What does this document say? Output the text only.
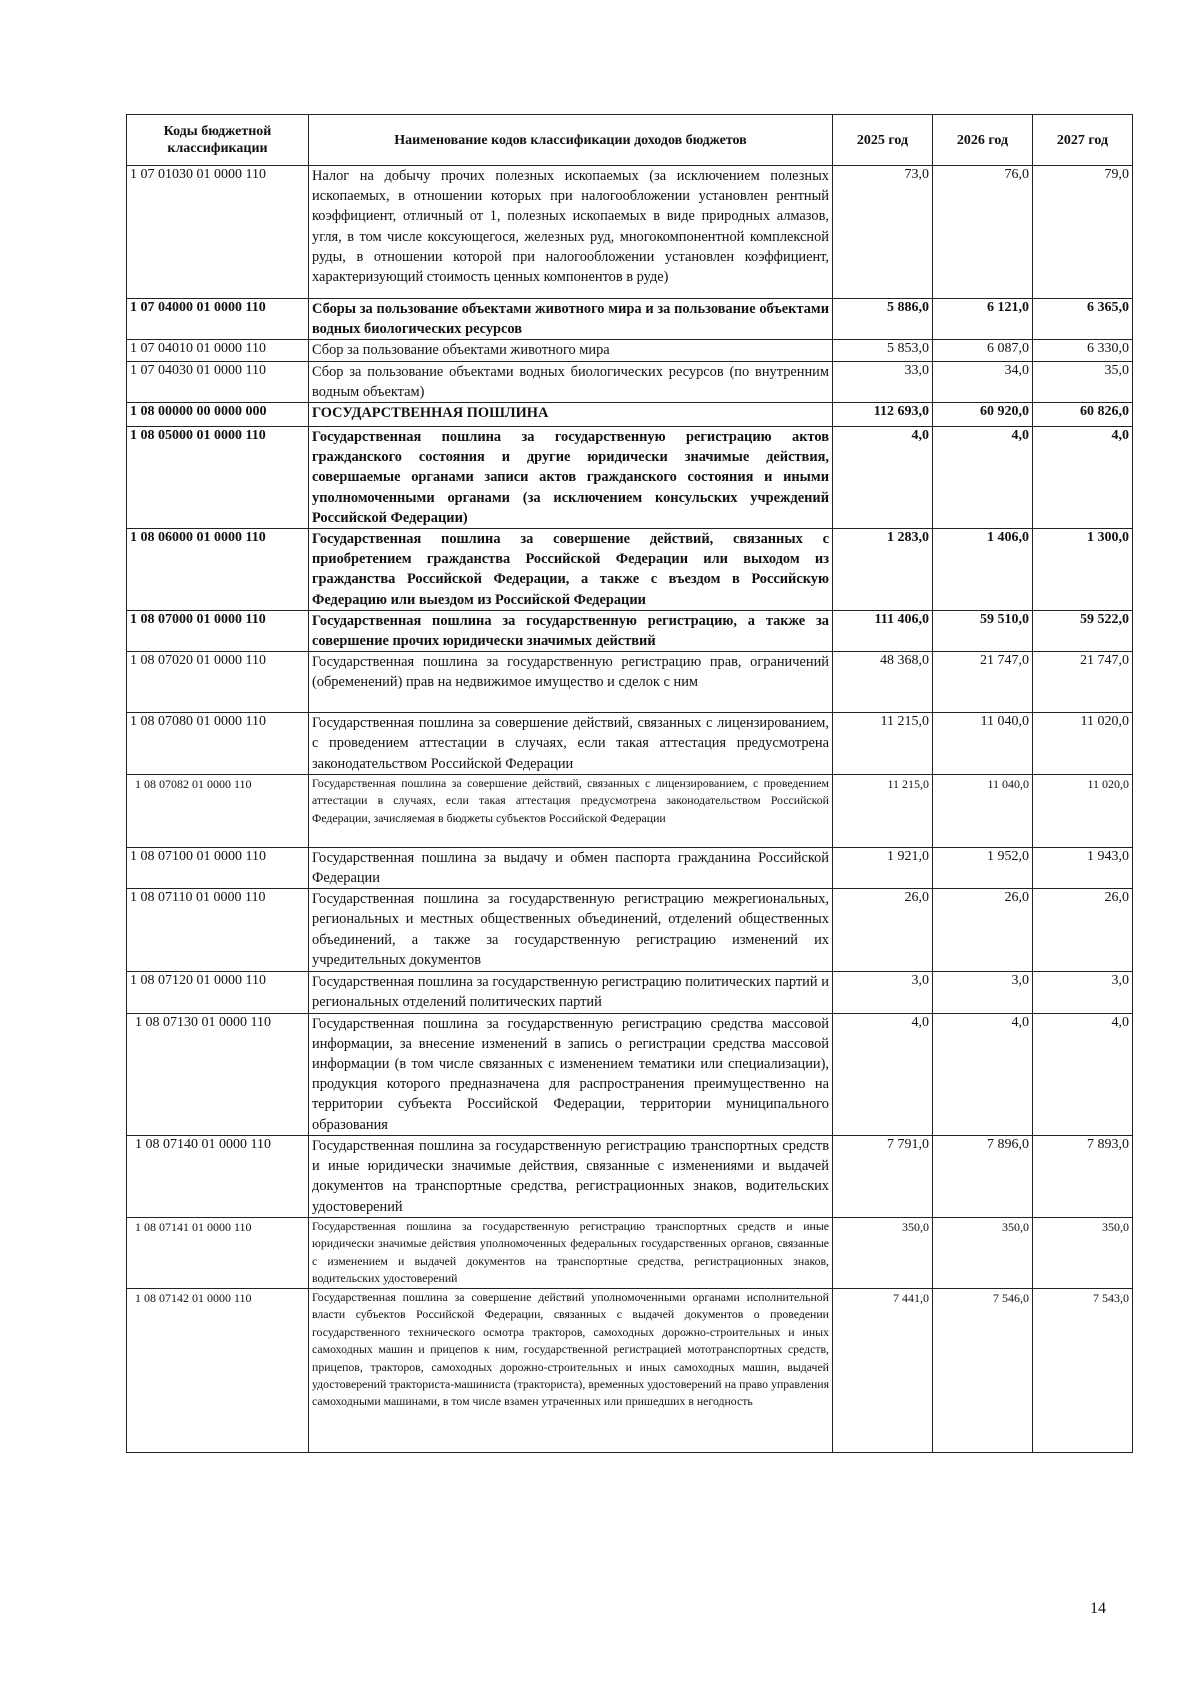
Коды бюджетной классификации	Наименование кодов классификации доходов бюджетов	2025 год	2026 год	2027 год
1 07 01030 01 0000 110	Налог на добычу прочих полезных ископаемых (за исключением полезных ископаемых, в отношении которых при налогообложении установлен рентный коэффициент, отличный от 1, полезных ископаемых в виде природных алмазов, угля, в том числе коксующегося, железных руд, многокомпонентной комплексной руды, в отношении которой при налогообложении установлен коэффициент, характеризующий стоимость ценных компонентов в руде)	73,0	76,0	79,0
1 07 04000 01 0000 110	Сборы за пользование объектами животного мира и за пользование объектами водных биологических ресурсов	5 886,0	6 121,0	6 365,0
1 07 04010 01 0000 110	Сбор за пользование объектами животного мира	5 853,0	6 087,0	6 330,0
1 07 04030 01 0000 110	Сбор за пользование объектами водных биологических ресурсов (по внутренним водным объектам)	33,0	34,0	35,0
1 08 00000 00 0000 000	ГОСУДАРСТВЕННАЯ ПОШЛИНА	112 693,0	60 920,0	60 826,0
1 08 05000 01 0000 110	Государственная пошлина за государственную регистрацию актов гражданского состояния и другие юридически значимые действия, совершаемые органами записи актов гражданского состояния и иными уполномоченными органами (за исключением консульских учреждений Российской Федерации)	4,0	4,0	4,0
1 08 06000 01 0000 110	Государственная пошлина за совершение действий, связанных с приобретением гражданства Российской Федерации или выходом из гражданства Российской Федерации, а также с въездом в Российскую Федерацию или выездом из Российской Федерации	1 283,0	1 406,0	1 300,0
1 08 07000 01 0000 110	Государственная пошлина за государственную регистрацию, а также за совершение прочих юридически значимых действий	111 406,0	59 510,0	59 522,0
1 08 07020 01 0000 110	Государственная пошлина за государственную регистрацию прав, ограничений (обременений) прав на недвижимое имущество и сделок с ним	48 368,0	21 747,0	21 747,0
1 08 07080 01 0000 110	Государственная пошлина за совершение действий, связанных с лицензированием, с проведением аттестации в случаях, если такая аттестация предусмотрена законодательством Российской Федерации	11 215,0	11 040,0	11 020,0
1 08 07082 01 0000 110	Государственная пошлина за совершение действий, связанных с лицензированием, с проведением аттестации в случаях, если такая аттестация предусмотрена законодательством Российской Федерации, зачисляемая в бюджеты субъектов Российской Федерации	11 215,0	11 040,0	11 020,0
1 08 07100 01 0000 110	Государственная пошлина за выдачу и обмен паспорта гражданина Российской Федерации	1 921,0	1 952,0	1 943,0
1 08 07110 01 0000 110	Государственная пошлина за государственную регистрацию межрегиональных, региональных и местных общественных объединений, отделений общественных объединений, а также за государственную регистрацию изменений их учредительных документов	26,0	26,0	26,0
1 08 07120 01 0000 110	Государственная пошлина за государственную регистрацию политических партий и региональных отделений политических партий	3,0	3,0	3,0
1 08 07130 01 0000 110	Государственная пошлина за государственную регистрацию средства массовой информации, за внесение изменений в запись о регистрации средства массовой информации (в том числе связанных с изменением тематики или специализации), продукция которого предназначена для распространения преимущественно на территории субъекта Российской Федерации, территории муниципального образования	4,0	4,0	4,0
1 08 07140 01 0000 110	Государственная пошлина за государственную регистрацию транспортных средств и иные юридически значимые действия, связанные с изменениями и выдачей документов на транспортные средства, регистрационных знаков, водительских удостоверений	7 791,0	7 896,0	7 893,0
1 08 07141 01 0000 110	Государственная пошлина за государственную регистрацию транспортных средств и иные юридически значимые действия уполномоченных федеральных государственных органов, связанные с изменением и выдачей документов на транспортные средства, регистрационных знаков, водительских удостоверений	350,0	350,0	350,0
1 08 07142 01 0000 110	Государственная пошлина за совершение действий уполномоченными органами исполнительной власти субъектов Российской Федерации, связанных с выдачей документов о проведении государственного технического осмотра тракторов, самоходных дорожно-строительных и иных самоходных машин и прицепов к ним, государственной регистрацией мототранспортных средств, прицепов, тракторов, самоходных дорожно-строительных и иных самоходных машин, выдачей удостоверений тракториста-машиниста (тракториста), временных удостоверений на право управления самоходными машинами, в том числе взамен утраченных или пришедших в негодность	7 441,0	7 546,0	7 543,0
14
